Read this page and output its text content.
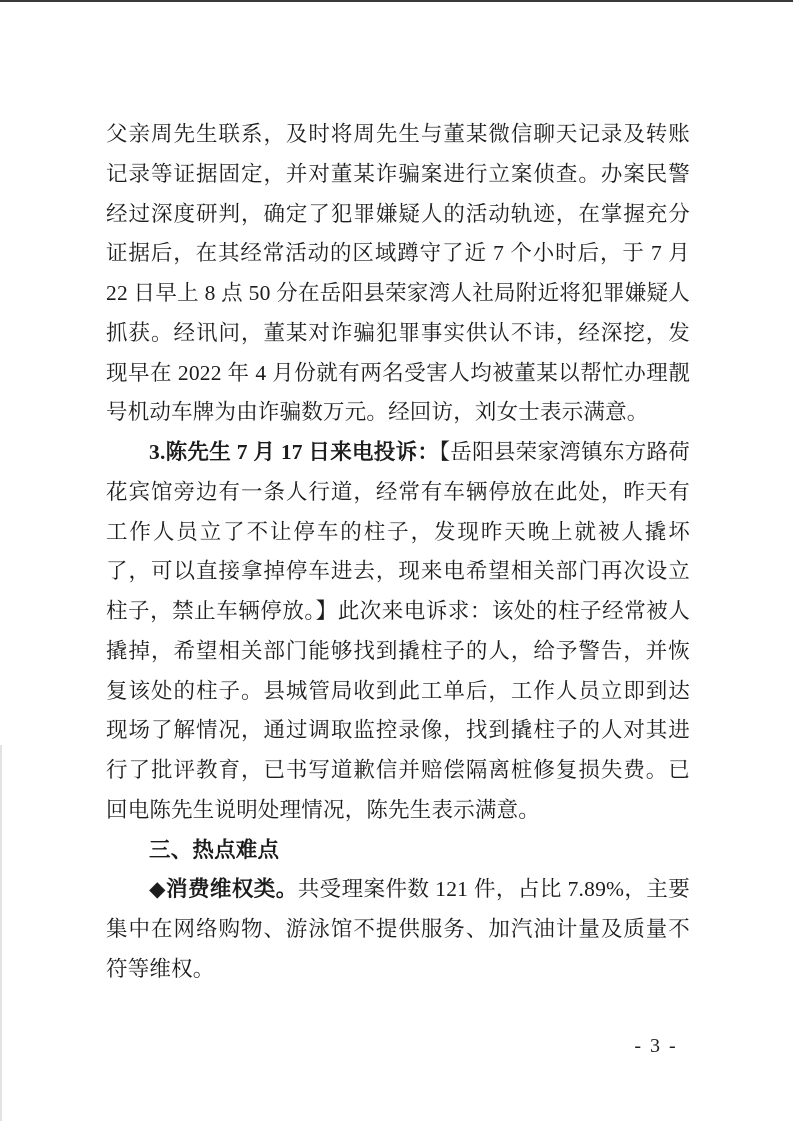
父亲周先生联系，及时将周先生与董某微信聊天记录及转账记录等证据固定，并对董某诈骗案进行立案侦查。办案民警经过深度研判，确定了犯罪嫌疑人的活动轨迹，在掌握充分证据后，在其经常活动的区域蹲守了近 7 个小时后，于 7 月 22 日早上 8 点 50 分在岳阳县荣家湾人社局附近将犯罪嫌疑人抓获。经讯问，董某对诈骗犯罪事实供认不讳，经深挖，发现早在 2022 年 4 月份就有两名受害人均被董某以帮忙办理靓号机动车牌为由诈骗数万元。经回访，刘女士表示满意。
3.陈先生 7 月 17 日来电投诉：【岳阳县荣家湾镇东方路荷花宾馆旁边有一条人行道，经常有车辆停放在此处，昨天有工作人员立了不让停车的柱子，发现昨天晚上就被人撬坏了，可以直接拿掉停车进去，现来电希望相关部门再次设立柱子，禁止车辆停放。】此次来电诉求：该处的柱子经常被人撬掉，希望相关部门能够找到撬柱子的人，给予警告，并恢复该处的柱子。县城管局收到此工单后，工作人员立即到达现场了解情况，通过调取监控录像，找到撬柱子的人对其进行了批评教育，已书写道歉信并赔偿隔离桩修复损失费。已回电陈先生说明处理情况，陈先生表示满意。
三、热点难点
◆消费维权类。共受理案件数 121 件，占比 7.89%，主要集中在网络购物、游泳馆不提供服务、加汽油计量及质量不符等维权。
- 3 -
